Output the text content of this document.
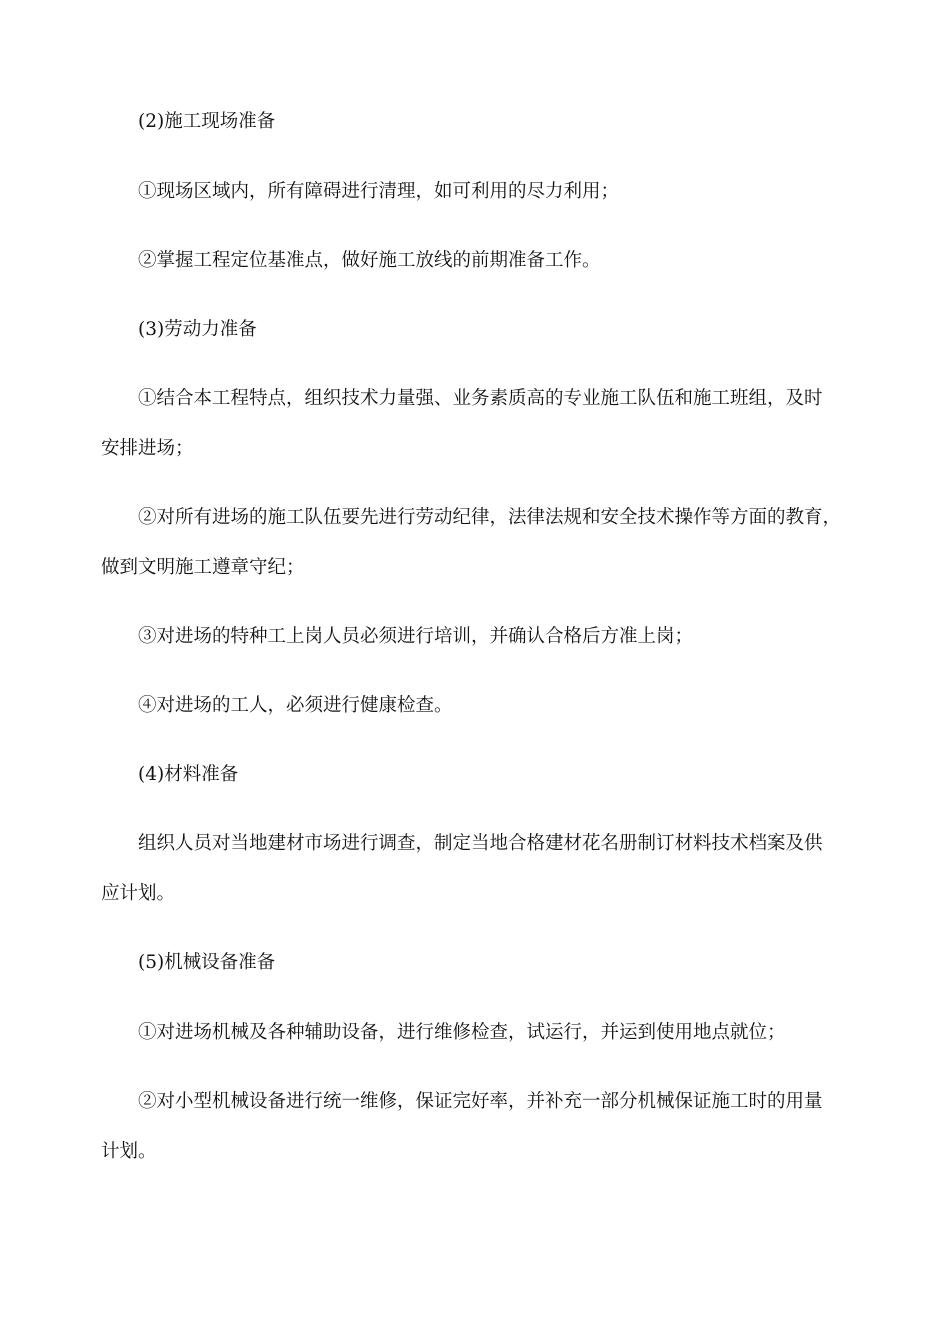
(2)施工现场准备

①现场区域内，所有障碍进行清理，如可利用的尽力利用；

②掌握工程定位基准点，做好施工放线的前期准备工作。

(3)劳动力准备

①结合本工程特点，组织技术力量强、业务素质高的专业施工队伍和施工班组，及时

安排进场；

②对所有进场的施工队伍要先进行劳动纪律，法律法规和安全技术操作等方面的教育，

做到文明施工遵章守纪；

③对进场的特种工上岗人员必须进行培训，并确认合格后方准上岗；

④对进场的工人，必须进行健康检查。

(4)材料准备

组织人员对当地建材市场进行调查，制定当地合格建材花名册制订材料技术档案及供

应计划。

(5)机械设备准备

①对进场机械及各种辅助设备，进行维修检查，试运行，并运到使用地点就位；

②对小型机械设备进行统一维修，保证完好率，并补充一部分机械保证施工时的用量

计划。
